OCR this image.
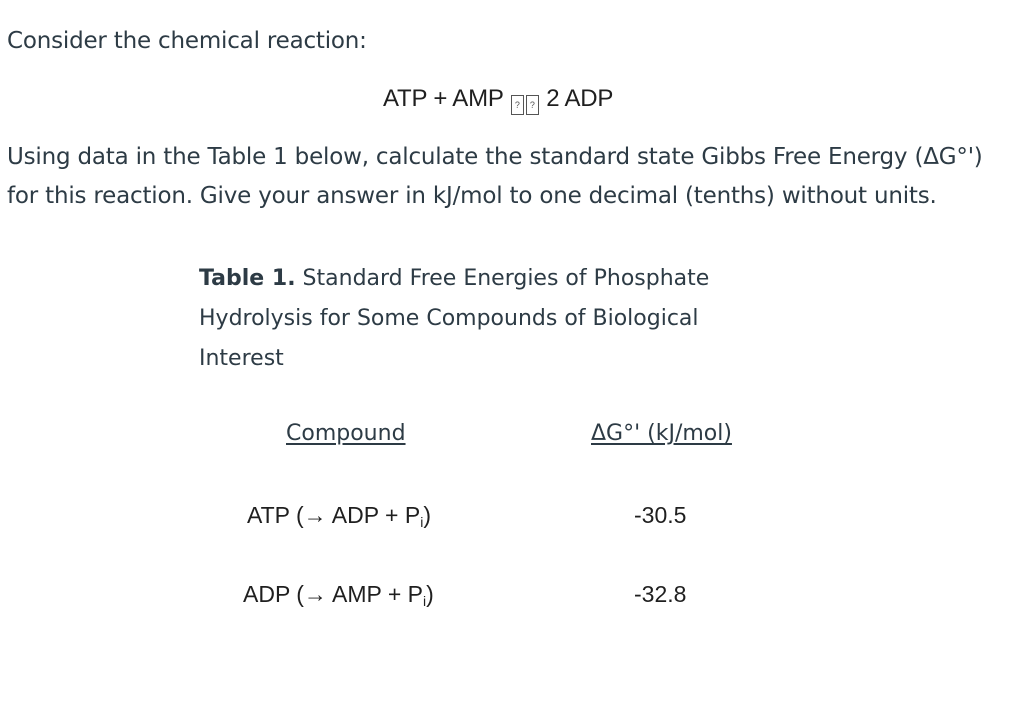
Consider the chemical reaction:
ATP + AMP ? ? 2 ADP
Using data in the Table 1 below, calculate the standard state Gibbs Free Energy (ΔG°')
for this reaction. Give your answer in kJ/mol to one decimal (tenths) without units.
Table 1. Standard Free Energies of Phosphate Hydrolysis for Some Compounds of Biological Interest
Compound	ΔG°' (kJ/mol)
ATP (→ ADP + $P_i$)	-30.5
ADP (→ AMP + $P_i$)	-32.8
